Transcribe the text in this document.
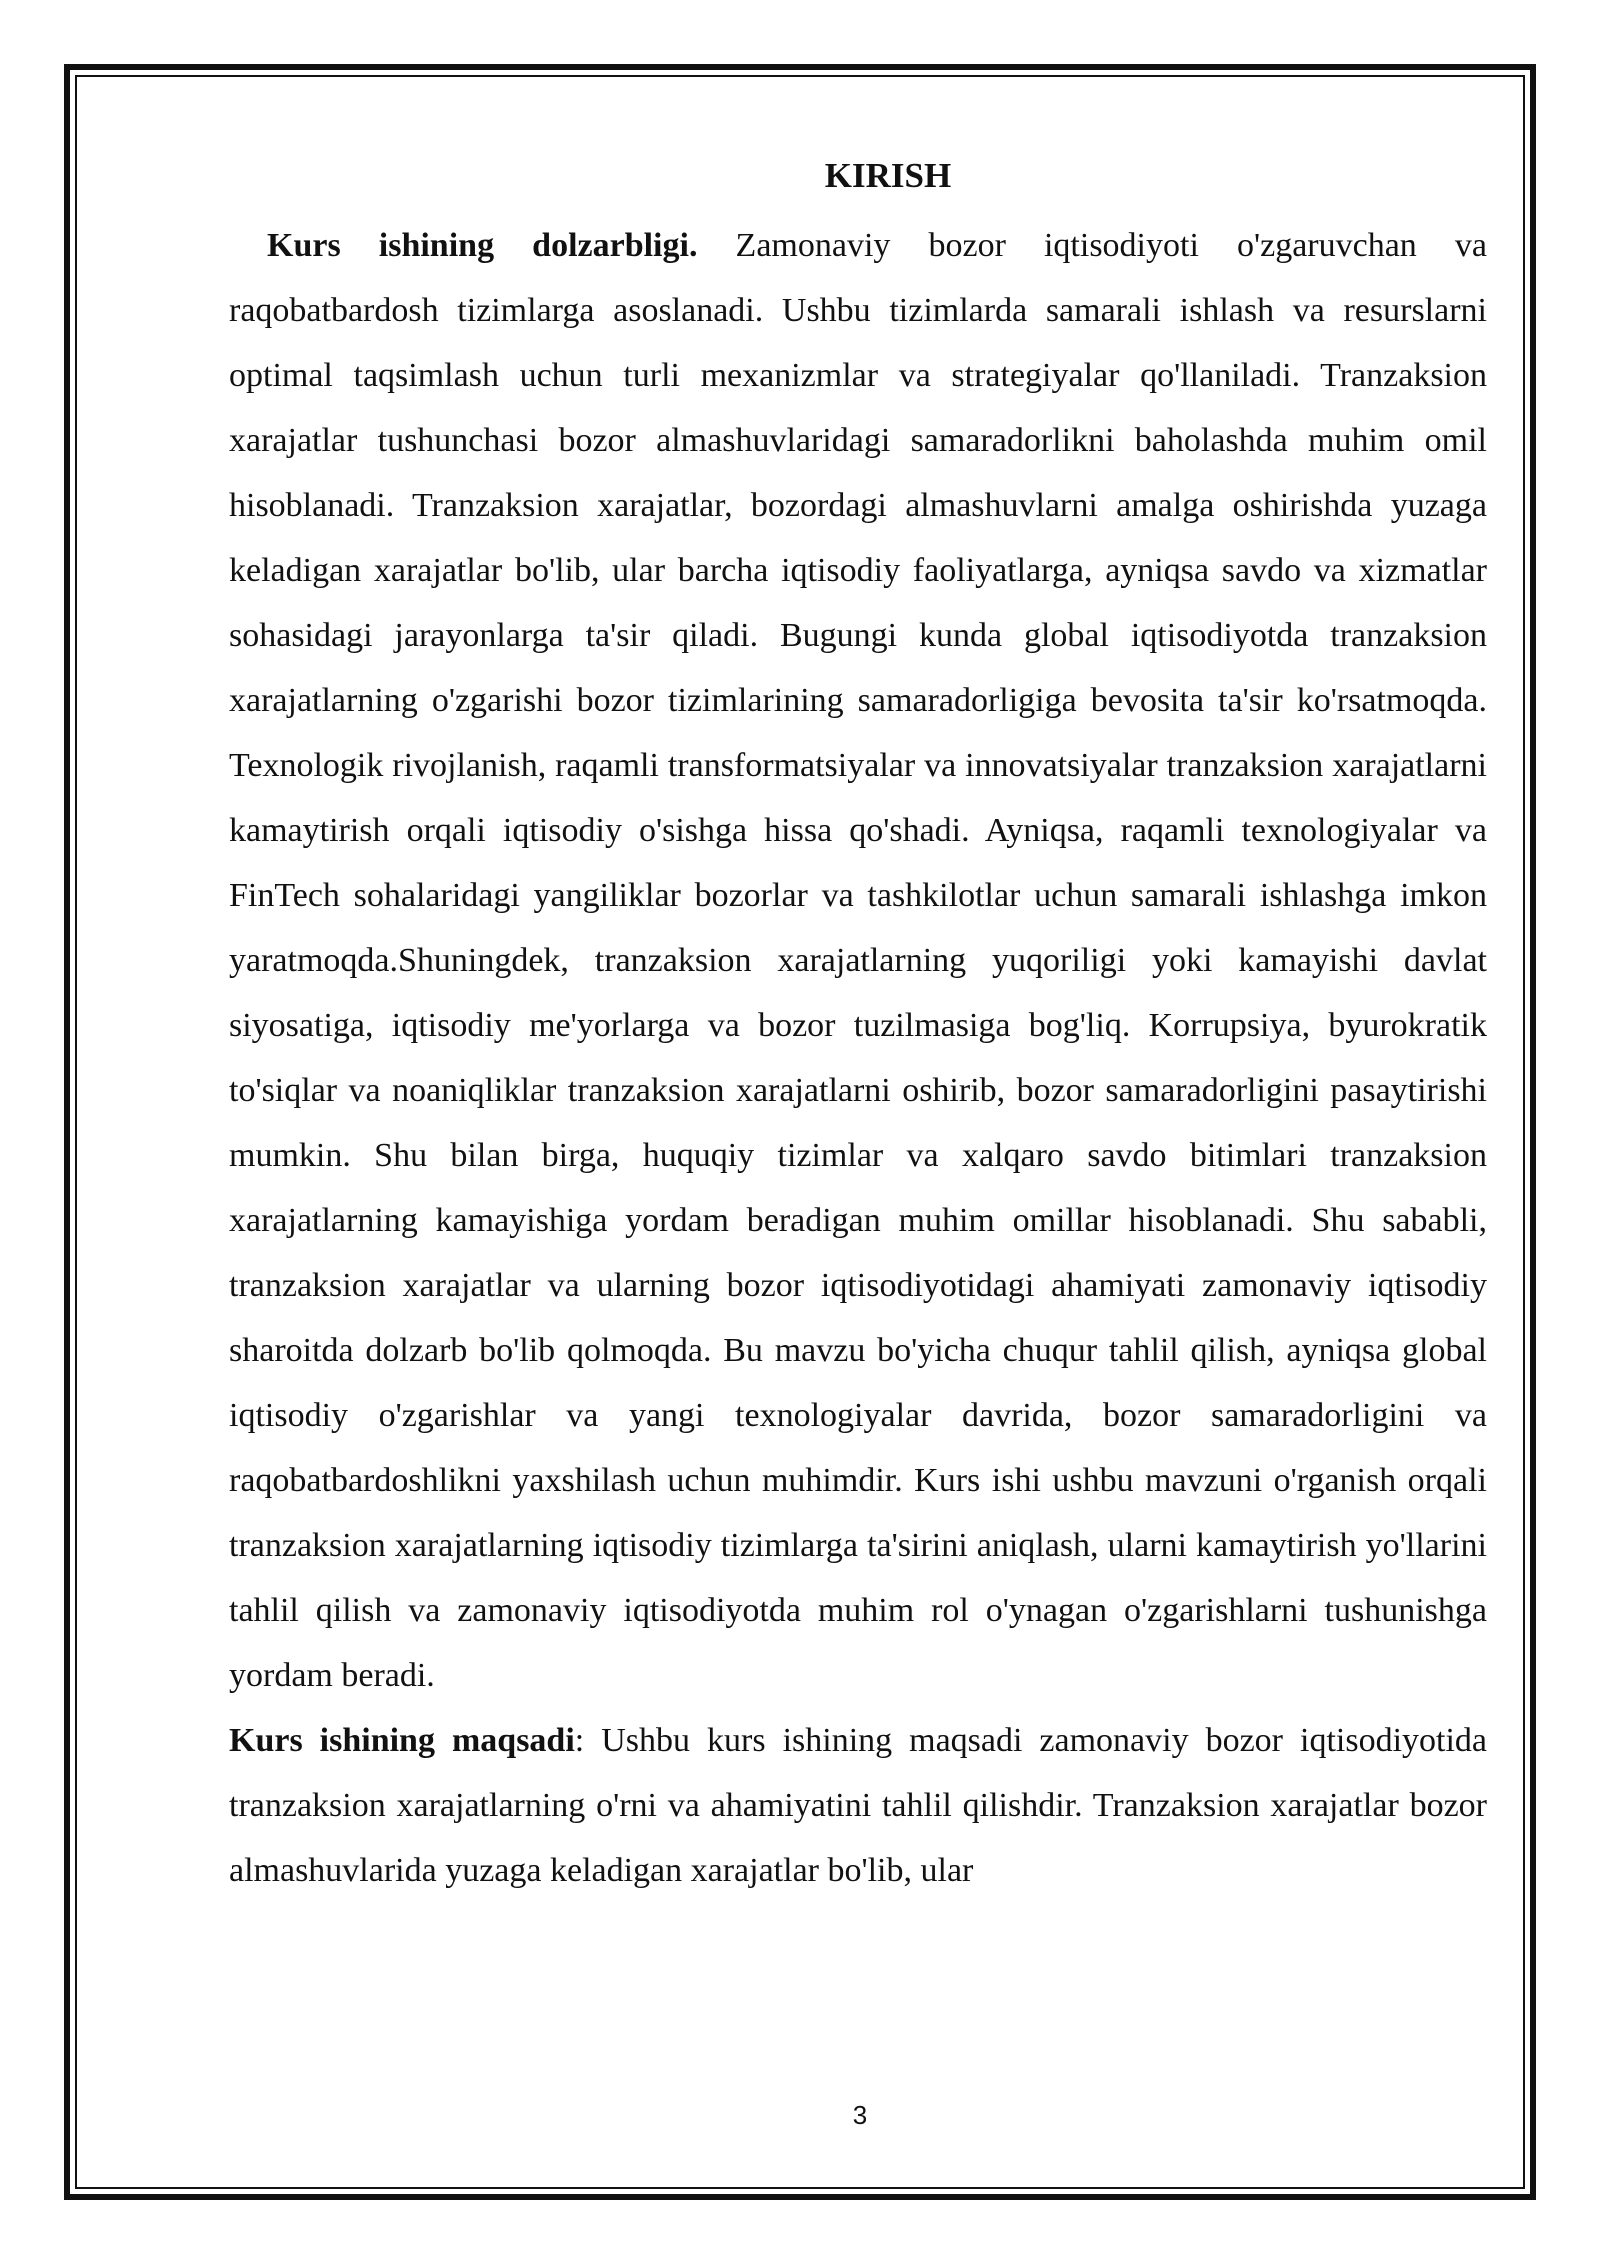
KIRISH

Kurs ishining dolzarbligi. Zamonaviy bozor iqtisodiyoti o'zgaruvchan va raqobatbardosh tizimlarga asoslanadi. Ushbu tizimlarda samarali ishlash va resurslarni optimal taqsimlash uchun turli mexanizmlar va strategiyalar qo'llaniladi. Tranzaksion xarajatlar tushunchasi bozor almashuvlaridagi samaradorlikni baholashda muhim omil hisoblanadi. Tranzaksion xarajatlar, bozordagi almashuvlarni amalga oshirishda yuzaga keladigan xarajatlar bo'lib, ular barcha iqtisodiy faoliyatlarga, ayniqsa savdo va xizmatlar sohasidagi jarayonlarga ta'sir qiladi. Bugungi kunda global iqtisodiyotda tranzaksion xarajatlarning o'zgarishi bozor tizimlarining samaradorligiga bevosita ta'sir ko'rsatmoqda. Texnologik rivojlanish, raqamli transformatsiyalar va innovatsiyalar tranzaksion xarajatlarni kamaytirish orqali iqtisodiy o'sishga hissa qo'shadi. Ayniqsa, raqamli texnologiyalar va FinTech sohalaridagi yangiliklar bozorlar va tashkilotlar uchun samarali ishlashga imkon yaratmoqda.Shuningdek, tranzaksion xarajatlarning yuqoriligi yoki kamayishi davlat siyosatiga, iqtisodiy me'yorlarga va bozor tuzilmasiga bog'liq. Korrupsiya, byurokratik to'siqlar va noaniqliklar tranzaksion xarajatlarni oshirib, bozor samaradorligini pasaytirishi mumkin. Shu bilan birga, huquqiy tizimlar va xalqaro savdo bitimlari tranzaksion xarajatlarning kamayishiga yordam beradigan muhim omillar hisoblanadi. Shu sababli, tranzaksion xarajatlar va ularning bozor iqtisodiyotidagi ahamiyati zamonaviy iqtisodiy sharoitda dolzarb bo'lib qolmoqda. Bu mavzu bo'yicha chuqur tahlil qilish, ayniqsa global iqtisodiy o'zgarishlar va yangi texnologiyalar davrida, bozor samaradorligini va raqobatbardoshlikni yaxshilash uchun muhimdir. Kurs ishi ushbu mavzuni o'rganish orqali tranzaksion xarajatlarning iqtisodiy tizimlarga ta'sirini aniqlash, ularni kamaytirish yo'llarini tahlil qilish va zamonaviy iqtisodiyotda muhim rol o'ynagan o'zgarishlarni tushunishga yordam beradi.

Kurs ishining maqsadi: Ushbu kurs ishining maqsadi zamonaviy bozor iqtisodiyotida tranzaksion xarajatlarning o'rni va ahamiyatini tahlil qilishdir. Tranzaksion xarajatlar bozor almashuvlarida yuzaga keladigan xarajatlar bo'lib, ular

3
